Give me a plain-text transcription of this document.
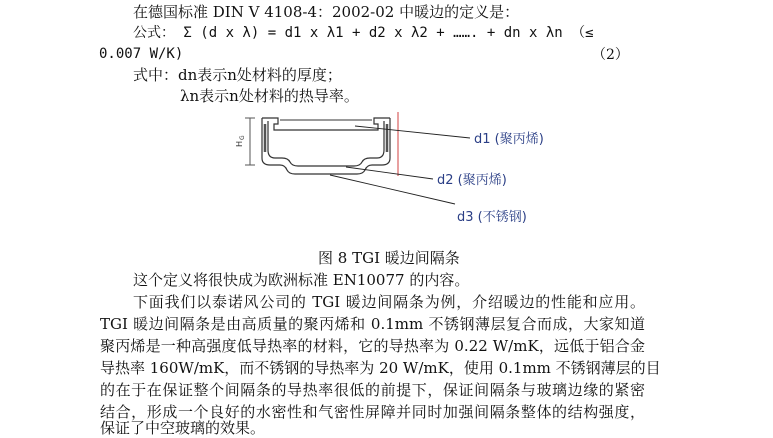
在德国标准 DIN V 4108-4：2002-02 中暖边的定义是：
公式： Σ (d x λ) = d1 x λ1 + d2 x λ2 + ……. + dn x λn （≤
0.007 W/K)	（2）
式中：dn表示n处材料的厚度；
λn表示n处材料的热导率。
H
G	d1 (聚丙烯)
d2 (聚丙烯)
d3 (不锈钢)
图 8 TGI 暖边间隔条
这个定义将很快成为欧洲标准 EN10077 的内容。
下面我们以泰诺风公司的 TGI 暖边间隔条为例，介绍暖边的性能和应用。
TGI 暖边间隔条是由高质量的聚丙烯和 0.1mm 不锈钢薄层复合而成，大家知道
聚丙烯是一种高强度低导热率的材料，它的导热率为 0.22 W/mK，远低于铝合金
导热率 160W/mK，而不锈钢的导热率为 20 W/mK，使用 0.1mm 不锈钢薄层的目
的在于在保证整个间隔条的导热率很低的前提下，保证间隔条与玻璃边缘的紧密
结合，形成一个良好的水密性和气密性屏障并同时加强间隔条整体的结构强度，
保证了中空玻璃的效果。
